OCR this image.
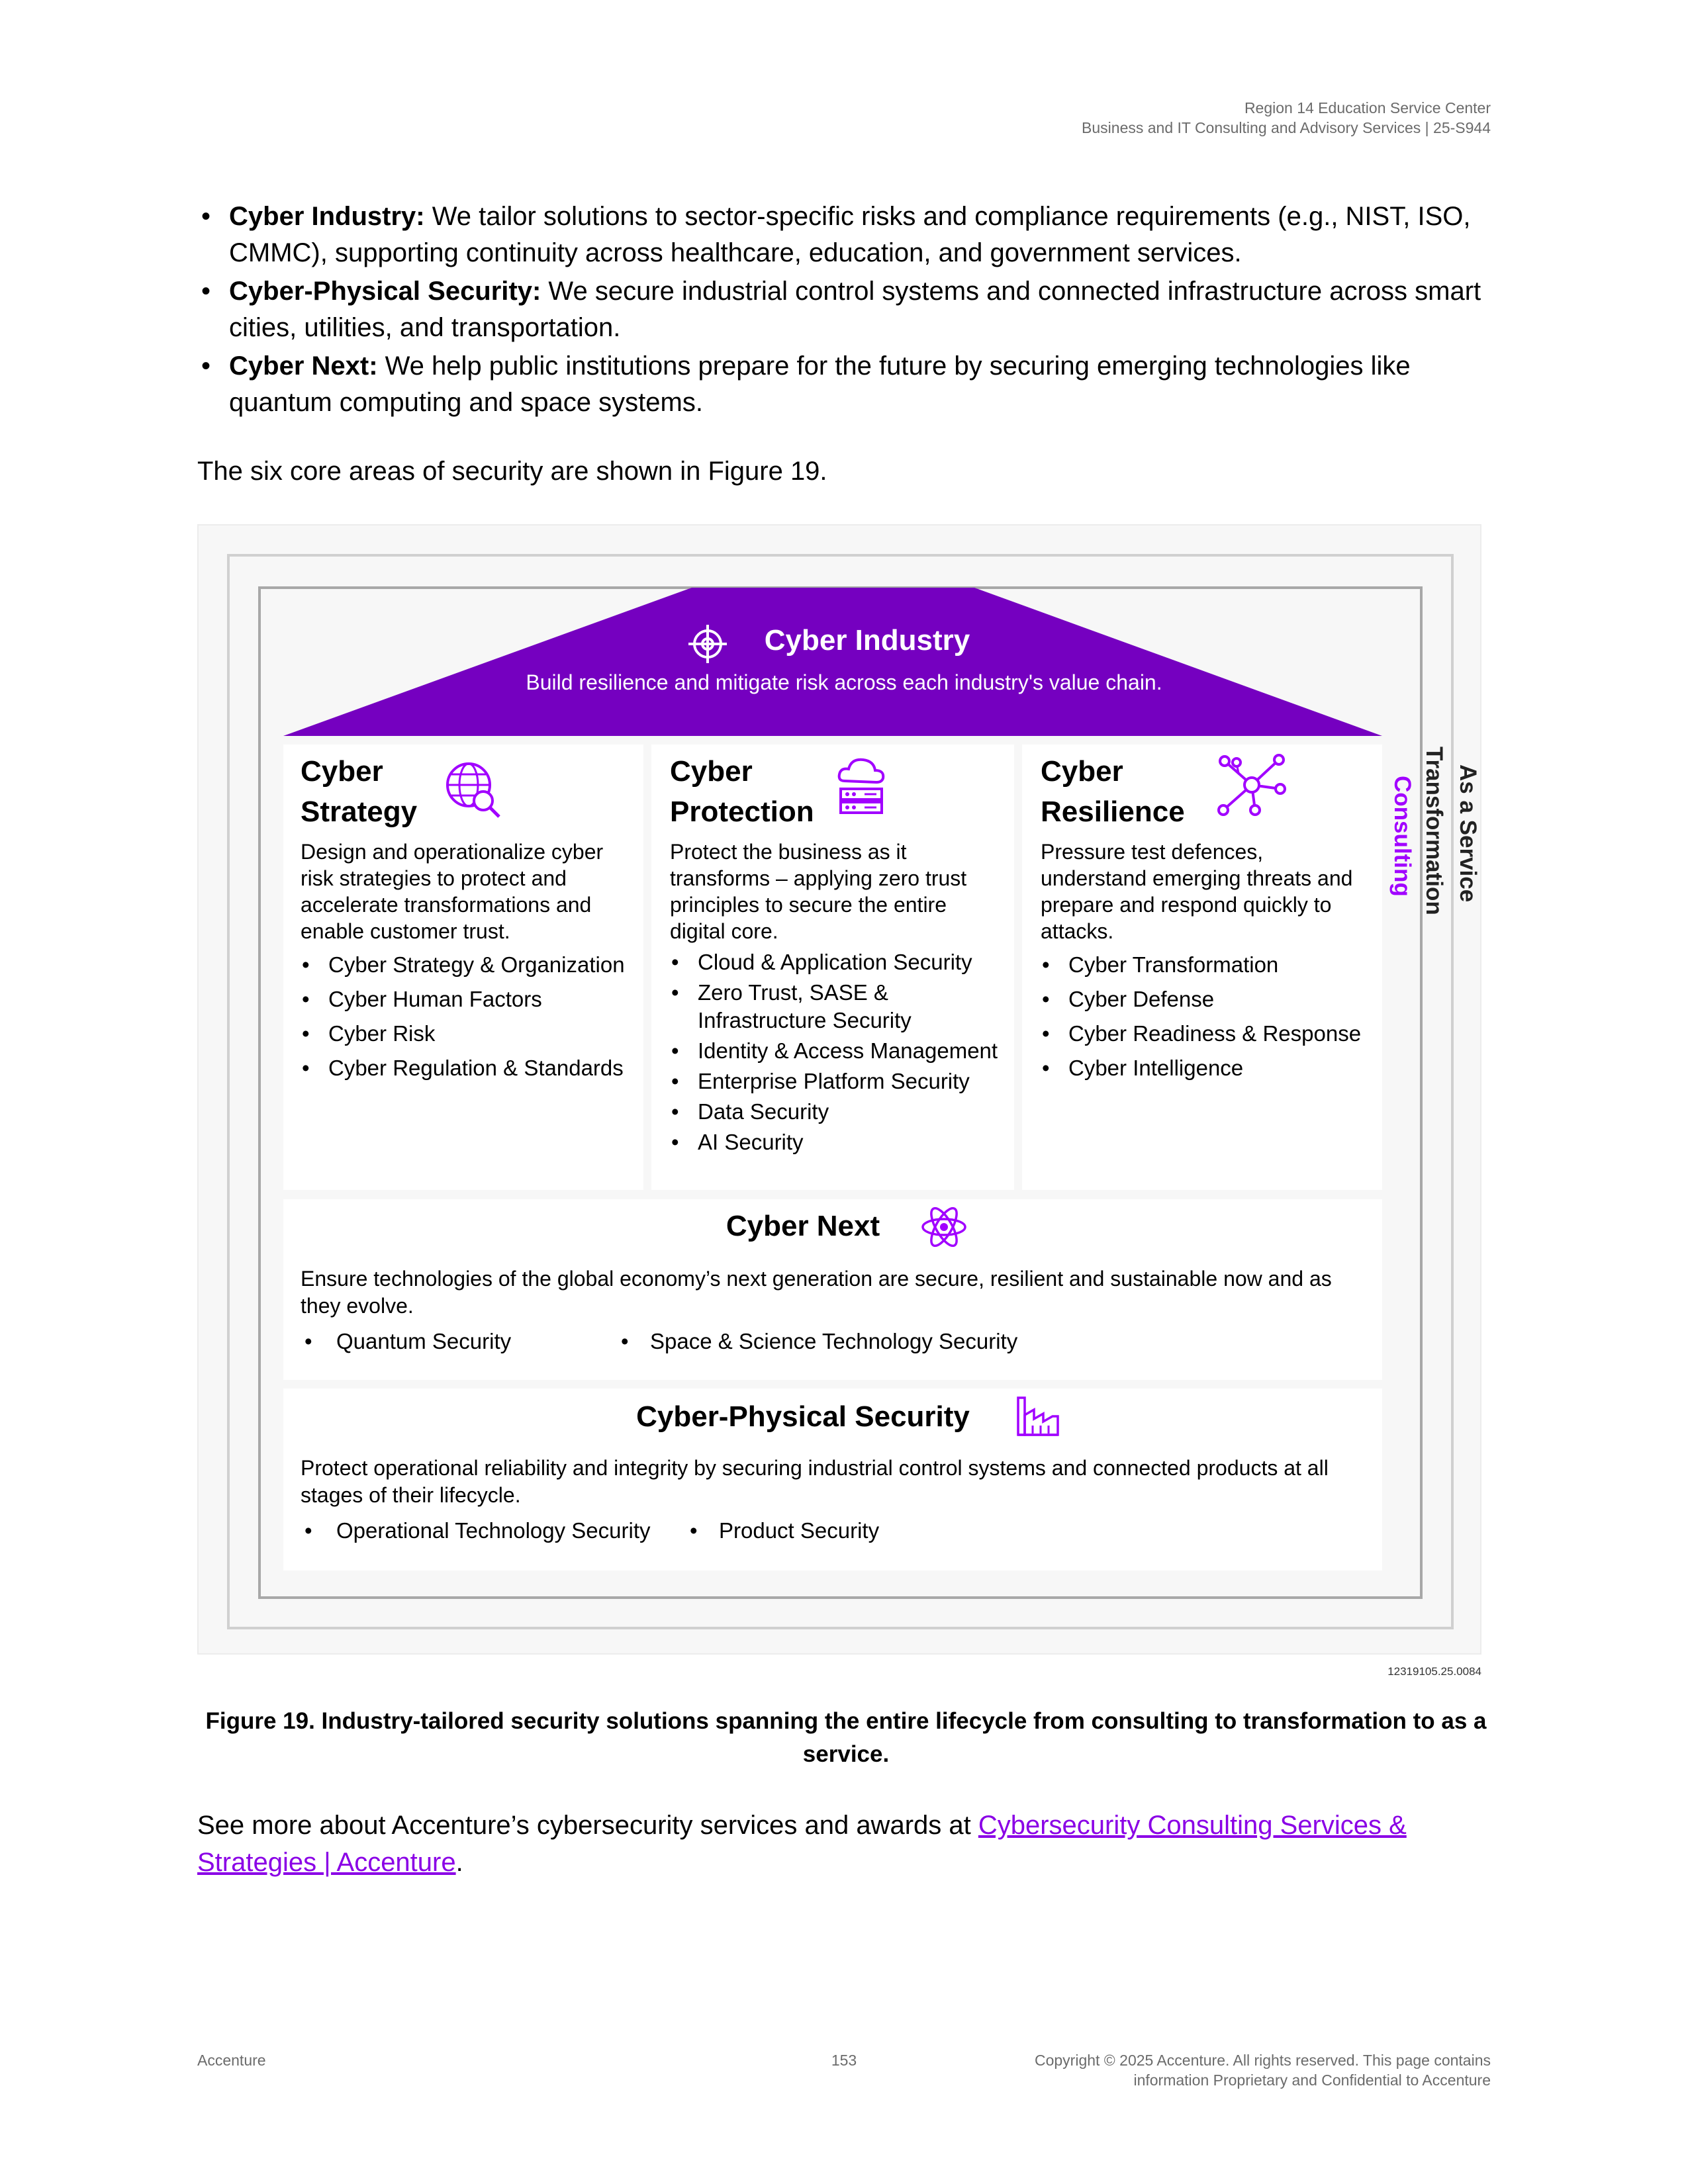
Region 14 Education Service Center
Business and IT Consulting and Advisory Services | 25-S944
• Cyber Industry: We tailor solutions to sector-specific risks and compliance requirements (e.g., NIST, ISO, CMMC), supporting continuity across healthcare, education, and government services.
• Cyber-Physical Security: We secure industrial control systems and connected infrastructure across smart cities, utilities, and transportation.
• Cyber Next: We help public institutions prepare for the future by securing emerging technologies like quantum computing and space systems.

The six core areas of security are shown in Figure 19.

Cyber Industry
Build resilience and mitigate risk across each industry's value chain.
Consulting Transformation As a Service
Cyber
Strategy

Design and operationalize cyber risk strategies to protect and accelerate transformations and enable customer trust.

• Cyber Strategy & Organization
• Cyber Human Factors
• Cyber Risk
• Cyber Regulation & Standards
Cyber
Protection

Protect the business as it transforms – applying zero trust principles to secure the entire digital core.

• Cloud & Application Security
• Zero Trust, SASE & Infrastructure Security
• Identity & Access Management
• Enterprise Platform Security
• Data Security
• AI Security
Cyber
Resilience

Pressure test defences, understand emerging threats and prepare and respond quickly to attacks.

• Cyber Transformation
• Cyber Defense
• Cyber Readiness & Response
• Cyber Intelligence
Cyber Next

Ensure technologies of the global economy’s next generation are secure, resilient and sustainable now and as they evolve.

• Quantum Security	• Space & Science Technology Security
Cyber-Physical Security

Protect operational reliability and integrity by securing industrial control systems and connected products at all stages of their lifecycle.

• Operational Technology Security • Product Security
12319105.25.0084

Figure 19. Industry-tailored security solutions spanning the entire lifecycle from consulting to transformation to as a service.

See more about Accenture’s cybersecurity services and awards at Cybersecurity Consulting Services & Strategies | Accenture.

Accenture	153	Copyright © 2025 Accenture. All rights reserved. This page contains
information Proprietary and Confidential to Accenture
